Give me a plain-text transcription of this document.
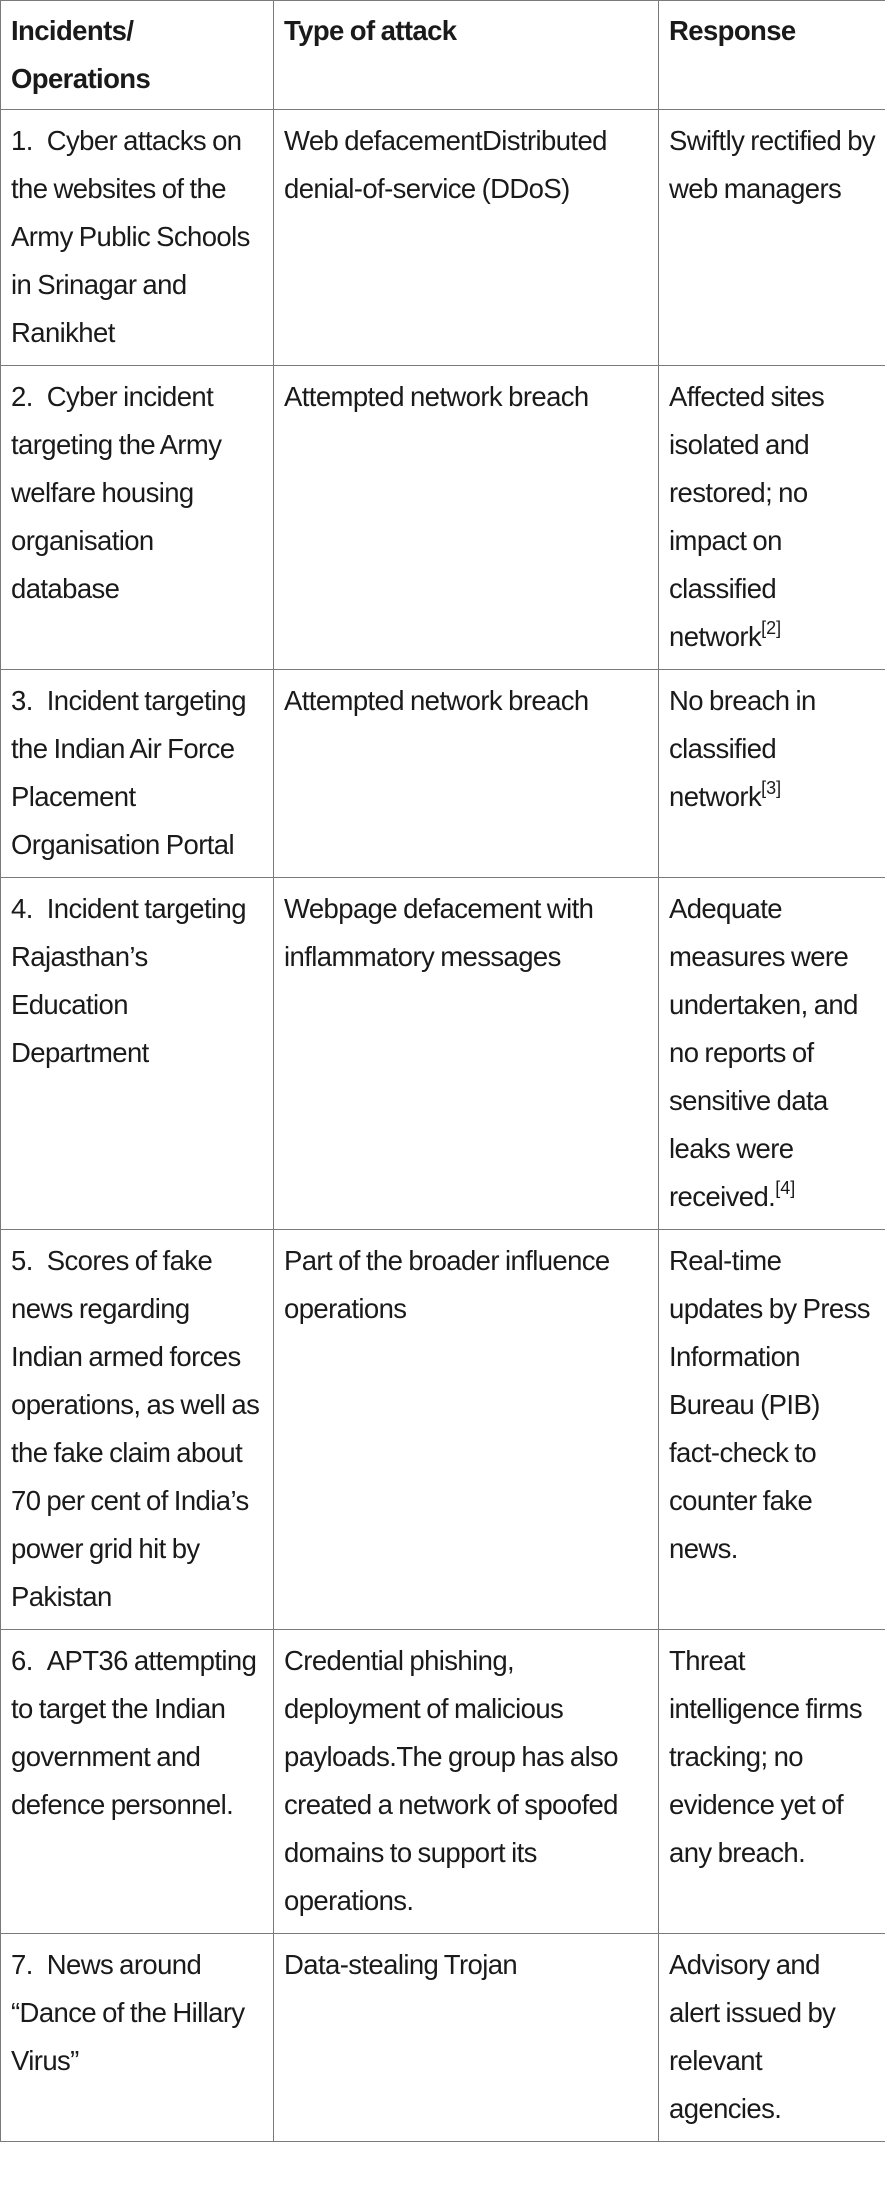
Incidents/ Operations	Type of attack	Response
1. Cyber attacks on the websites of the Army Public Schools in Srinagar and Ranikhet	Web defacementDistributed denial-of-service (DDoS)	Swiftly rectified by web managers
2. Cyber incident targeting the Army welfare housing organisation database	Attempted network breach	Affected sites isolated and restored; no impact on classified network[2]
3. Incident targeting the Indian Air Force Placement Organisation Portal	Attempted network breach	No breach in classified network[3]
4. Incident targeting Rajasthan’s Education Department	Webpage defacement with inflammatory messages	Adequate measures were undertaken, and no reports of sensitive data leaks were received.[4]
5. Scores of fake news regarding Indian armed forces operations, as well as the fake claim about 70 per cent of India’s power grid hit by Pakistan	Part of the broader influence operations	Real-time updates by Press Information Bureau (PIB) fact-check to counter fake news.
6. APT36 attempting to target the Indian government and defence personnel.	Credential phishing, deployment of malicious payloads.The group has also created a network of spoofed domains to support its operations.	Threat intelligence firms tracking; no evidence yet of any breach.
7. News around “Dance of the Hillary Virus”	Data-stealing Trojan	Advisory and alert issued by relevant agencies.
